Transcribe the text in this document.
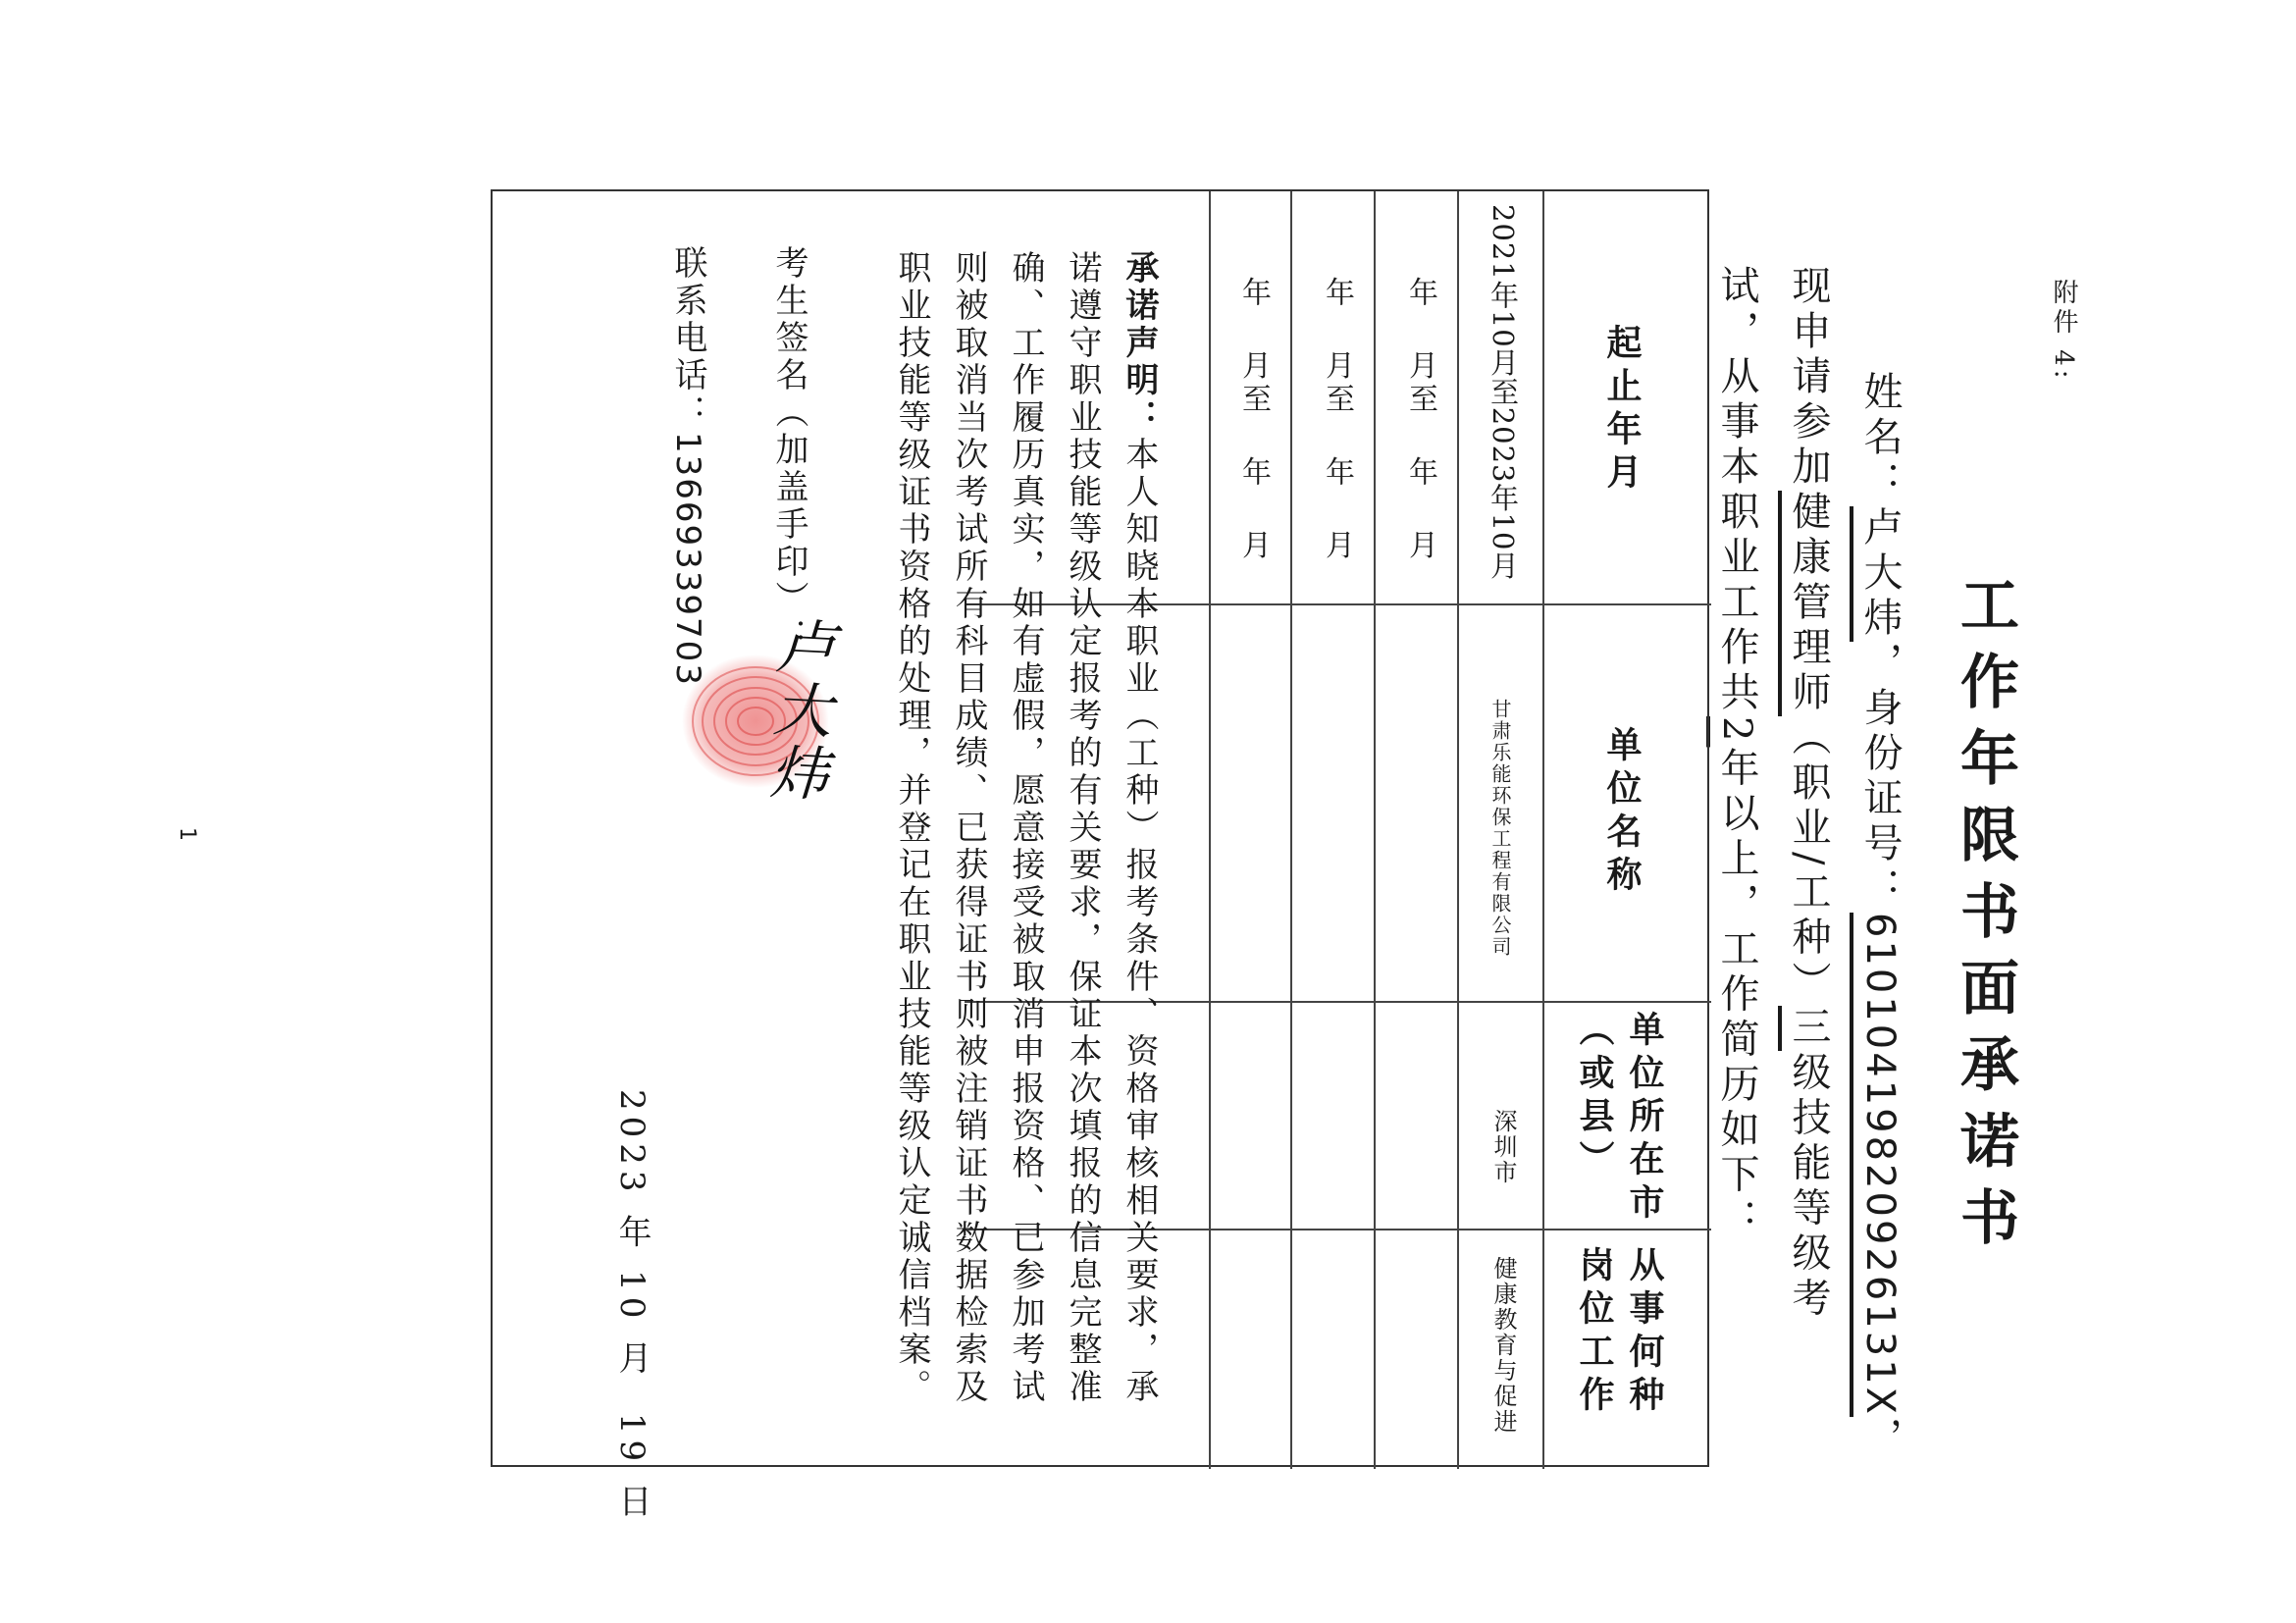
附件 4:
工作年限书面承诺书
姓名：卢大炜，身份证号：61010419820926131X，
现申请参加健康管理师（职业/工种）三级技能等级考
试，从事本职业工作共2年以上，工作简历如下：
起止年月
单位名称
单位所在市（或县）
从事何种岗位工作
2021年10月至2023年10月
甘肃乐能环保工程有限公司
深圳市
健康教育与促进
年   月至   年   月
年   月至   年   月
年   月至   年   月
承诺声明：本人知晓本职业（工种）报考条件、资格审核相关要求，承诺遵守职业技能等级认定报考的有关要求，保证本次填报的信息完整准确、工作履历真实，如有虚假，愿意接受被取消申报资格、已参加考试则被取消当次考试所有科目成绩、已获得证书则被注销证书数据检索及职业技能等级证书资格的处理，并登记在职业技能等级认定诚信档案。
考生签名（加盖手印）：
卢大炜
联系电话：13669339703
2023 年 10 月  19 日
1
